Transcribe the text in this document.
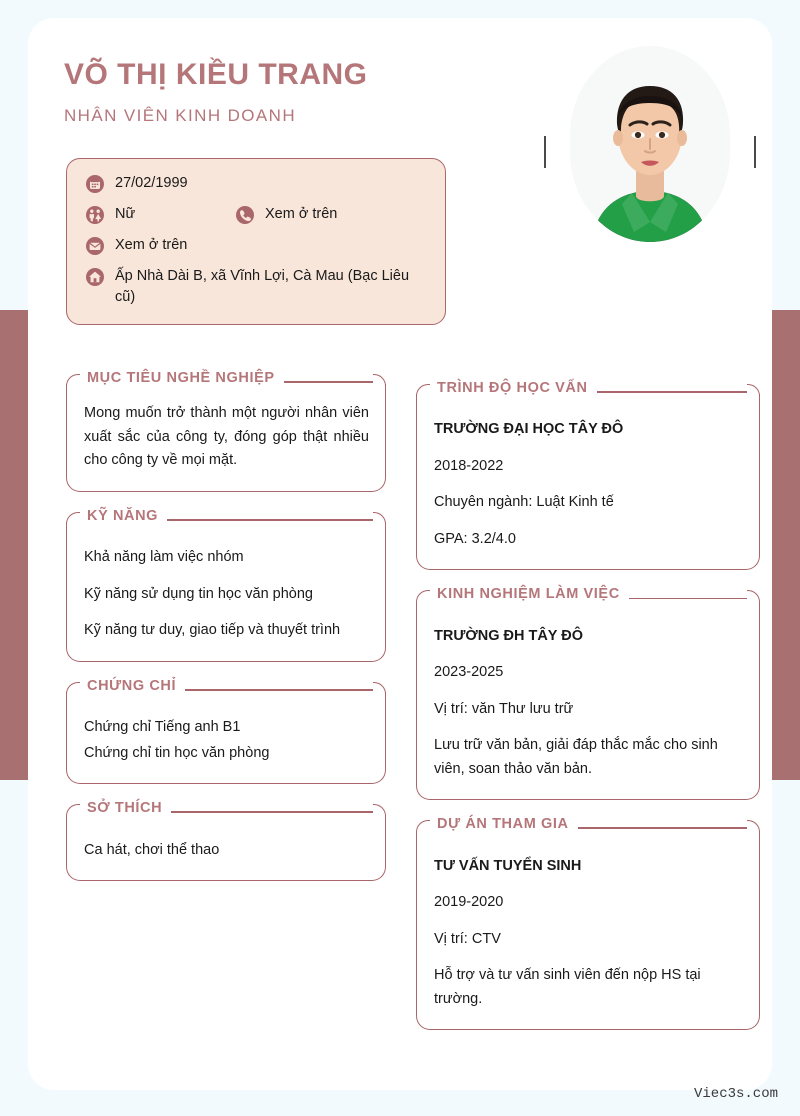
VÕ THỊ KIỀU TRANG
NHÂN VIÊN KINH DOANH
27/02/1999
Nữ	Xem ở trên
Xem ở trên
Ấp Nhà Dài B, xã Vĩnh Lợi, Cà Mau (Bạc Liêu cũ)
MỤC TIÊU NGHỀ NGHIỆP

Mong muốn trở thành một người nhân viên xuất sắc của công ty, đóng góp thật nhiều cho công ty về mọi mặt.

KỸ NĂNG

Khả năng làm việc nhóm

Kỹ năng sử dụng tin học văn phòng

Kỹ năng tư duy, giao tiếp và thuyết trình

CHỨNG CHỈ

Chứng chỉ Tiếng anh B1

Chứng chỉ tin học văn phòng

SỞ THÍCH

Ca hát, chơi thể thao

TRÌNH ĐỘ HỌC VẤN

TRƯỜNG ĐẠI HỌC TÂY ĐÔ

2018-2022

Chuyên ngành: Luật Kinh tế

GPA: 3.2/4.0

KINH NGHIỆM LÀM VIỆC

TRƯỜNG ĐH TÂY ĐÔ

2023-2025

Vị trí: văn Thư lưu trữ

Lưu trữ văn bản, giải đáp thắc mắc cho sinh viên, soan thảo văn bản.

DỰ ÁN THAM GIA

TƯ VẤN TUYỂN SINH

2019-2020

Vị trí: CTV

Hỗ trợ và tư vấn sinh viên đến nộp HS tại trường.

Viec3s.com
